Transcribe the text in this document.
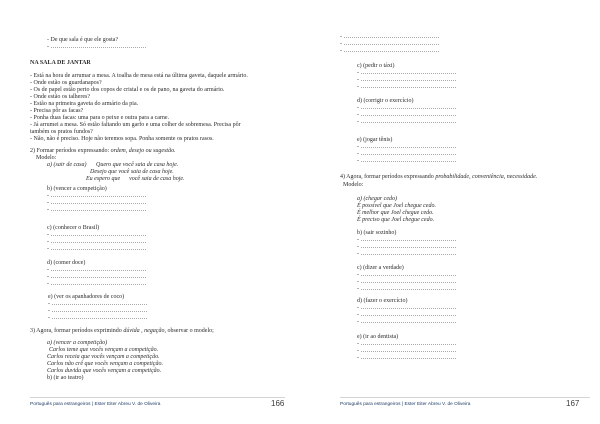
- De que sala é que ele gosta?
- …………………………………………
NA SALA DE JANTAR
- Está na hora de arrumar a mesa. A toalha de mesa está na última gaveta, daquele armário.
- Onde estão os guardanapos?
- Os de papel estão perto dos copos de cristal e os de pano, na gaveta do armário.
- Onde estão os talheres?
- Estão na primeira gaveta do armário da pia.
- Precisa pôr as facas?
- Ponha duas facas: uma para o peixe e outra para a carne.
- Já arrumei a mesa. Só estão faltando um garfo e uma colher de sobremesa. Precisa pôr
também os pratos fundos?
- Não, não é preciso. Hoje não teremos sopa. Ponha somente os pratos rasos.
2) Formar períodos expressando: ordem, desejo ou sugestão.
Modelo:
a) (sair de casa)	Quero que você saia de casa hoje.
Desejo que você saia de casa hoje.
Eu espero que      você saia de casa hoje.
b) (vencer a competição)
- …………………………………………
- …………………………………………
- …………………………………………
c) (conhecer o Brasil)
- …………………………………………
- …………………………………………
- …………………………………………
d) (comer doce)
- …………………………………………
- …………………………………………
- …………………………………………
e) (ver os apanhadores de coco)
- …………………………………………
- …………………………………………
- …………………………………………
3) Agora, formar períodos exprimindo dúvida , negação, observar o modelo;
a) (vencer a competição)
Carlos teme que vocês vençam a competição.
Carlos receia que vocês vençam a competição.
Carlos não crê que vocês vençam a competição.
Carlos duvida que vocês vençam a competição.
b) (ir ao teatro)
Português para estrangeiros | Ester Eiter Abreu V. de Oliveira	166
- …………………………………………
- …………………………………………
- …………………………………………
c) (pedir o táxi)
- …………………………………………
- …………………………………………
- …………………………………………
d) (corrigir o exercício)
- …………………………………………
- …………………………………………
- …………………………………………
e) (jogar tênis)
- …………………………………………
- …………………………………………
- …………………………………………
4) Agora, formar períodos expressando probabilidade, conveniência, necessidade.
Modelo:
a) (chegar cedo)
É possível que Joel chegue cedo.
É melhor que Joel chegue cedo.
É preciso que Joel chegue cedo.
b) (sair sozinho)
- …………………………………………
- …………………………………………
- …………………………………………
c) (dizer a verdade)
- …………………………………………
- …………………………………………
- …………………………………………
d) (fazer o exercício)
- …………………………………………
- …………………………………………
- …………………………………………
e) (ir ao dentista)
- …………………………………………
- …………………………………………
- …………………………………………
Português para estrangeiros | Ester Eiter Abreu V. de Oliveira	167
